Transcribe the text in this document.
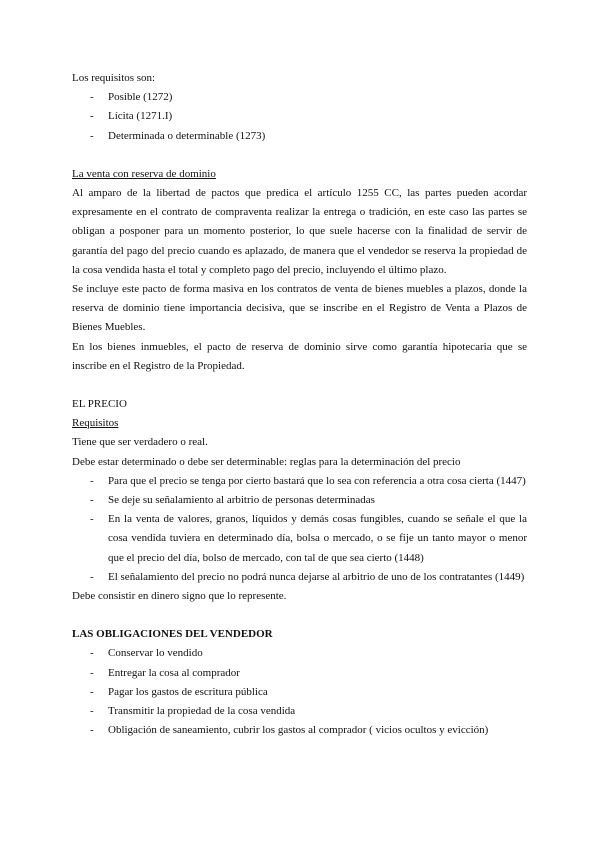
Los requisitos son:

- Posible (1272)
- Lícita (1271.I)
- Determinada o determinable (1273)

La venta con reserva de dominio

Al amparo de la libertad de pactos que predica el artículo 1255 CC, las partes pueden acordar expresamente en el contrato de compraventa realizar la entrega o tradición, en este caso las partes se obligan a posponer para un momento posterior, lo que suele hacerse con la finalidad de servir de garantía del pago del precio cuando es aplazado, de manera que el vendedor se reserva la propiedad de la cosa vendida hasta el total y completo pago del precio, incluyendo el último plazo.

Se incluye este pacto de forma masiva en los contratos de venta de bienes muebles a plazos, donde la reserva de dominio tiene importancia decisiva, que se inscribe en el Registro de Venta a Plazos de Bienes Muebles.

En los bienes inmuebles, el pacto de reserva de dominio sirve como garantía hipotecaria que se inscribe en el Registro de la Propiedad.

EL PRECIO

Requisitos

Tiene que ser verdadero o real.

Debe estar determinado o debe ser determinable: reglas para la determinación del precio

- Para que el precio se tenga por cierto bastará que lo sea con referencia a otra cosa cierta (1447)
- Se deje su señalamiento al arbitrio de personas determinadas
- En la venta de valores, granos, líquidos y demás cosas fungibles, cuando se señale el que la cosa vendida tuviera en determinado día, bolsa o mercado, o se fije un tanto mayor o menor que el precio del día, bolso de mercado, con tal de que sea cierto (1448)
- El señalamiento del precio no podrá nunca dejarse al arbitrio de uno de los contratantes (1449)

Debe consistir en dinero signo que lo represente.

LAS OBLIGACIONES DEL VENDEDOR

- Conservar lo vendido
- Entregar la cosa al comprador
- Pagar los gastos de escritura pública
- Transmitir la propiedad de la cosa vendida
- Obligación de saneamiento, cubrir los gastos al comprador ( vicios ocultos y evicción)
